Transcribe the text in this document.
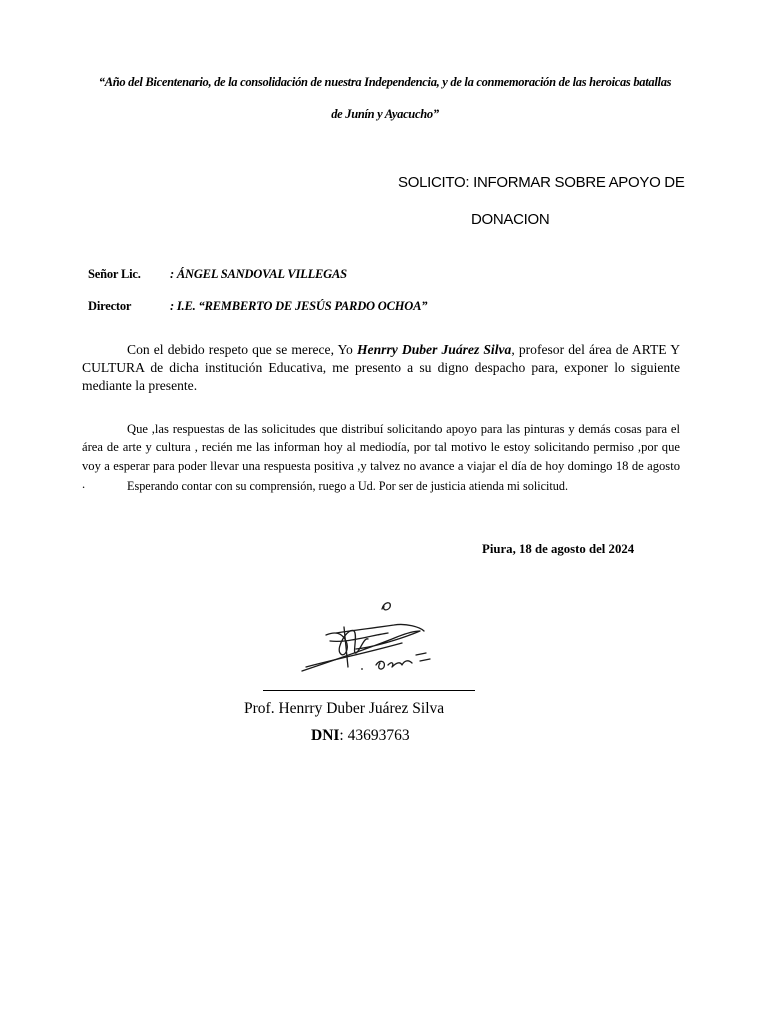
“Año del Bicentenario, de la consolidación de nuestra Independencia, y de la conmemoración de las heroicas batallas de Junín y Ayacucho”
SOLICITO: INFORMAR SOBRE APOYO DE
DONACION
Señor Lic. : ÁNGEL SANDOVAL VILLEGAS
Director	: I.E. “REMBERTO DE JESÚS PARDO OCHOA”
Con el debido respeto que se merece, Yo Henrry Duber Juárez Silva, profesor del área de ARTE Y CULTURA de dicha institución Educativa, me presento a su digno despacho para, exponer lo siguiente mediante la presente.
Que ,las respuestas de las solicitudes que distribuí solicitando apoyo para las pinturas y demás cosas para el área de arte y cultura , recién me las informan hoy al mediodía, por tal motivo le estoy solicitando permiso ,por que voy a esperar para poder llevar una respuesta positiva ,y talvez no avance a viajar el día de hoy domingo 18 de agosto .	Esperando contar con su comprensión, ruego a Ud. Por ser de justicia atienda mi solicitud.
Piura, 18 de agosto del 2024
Prof. Henrry Duber Juárez Silva
DNI: 43693763
